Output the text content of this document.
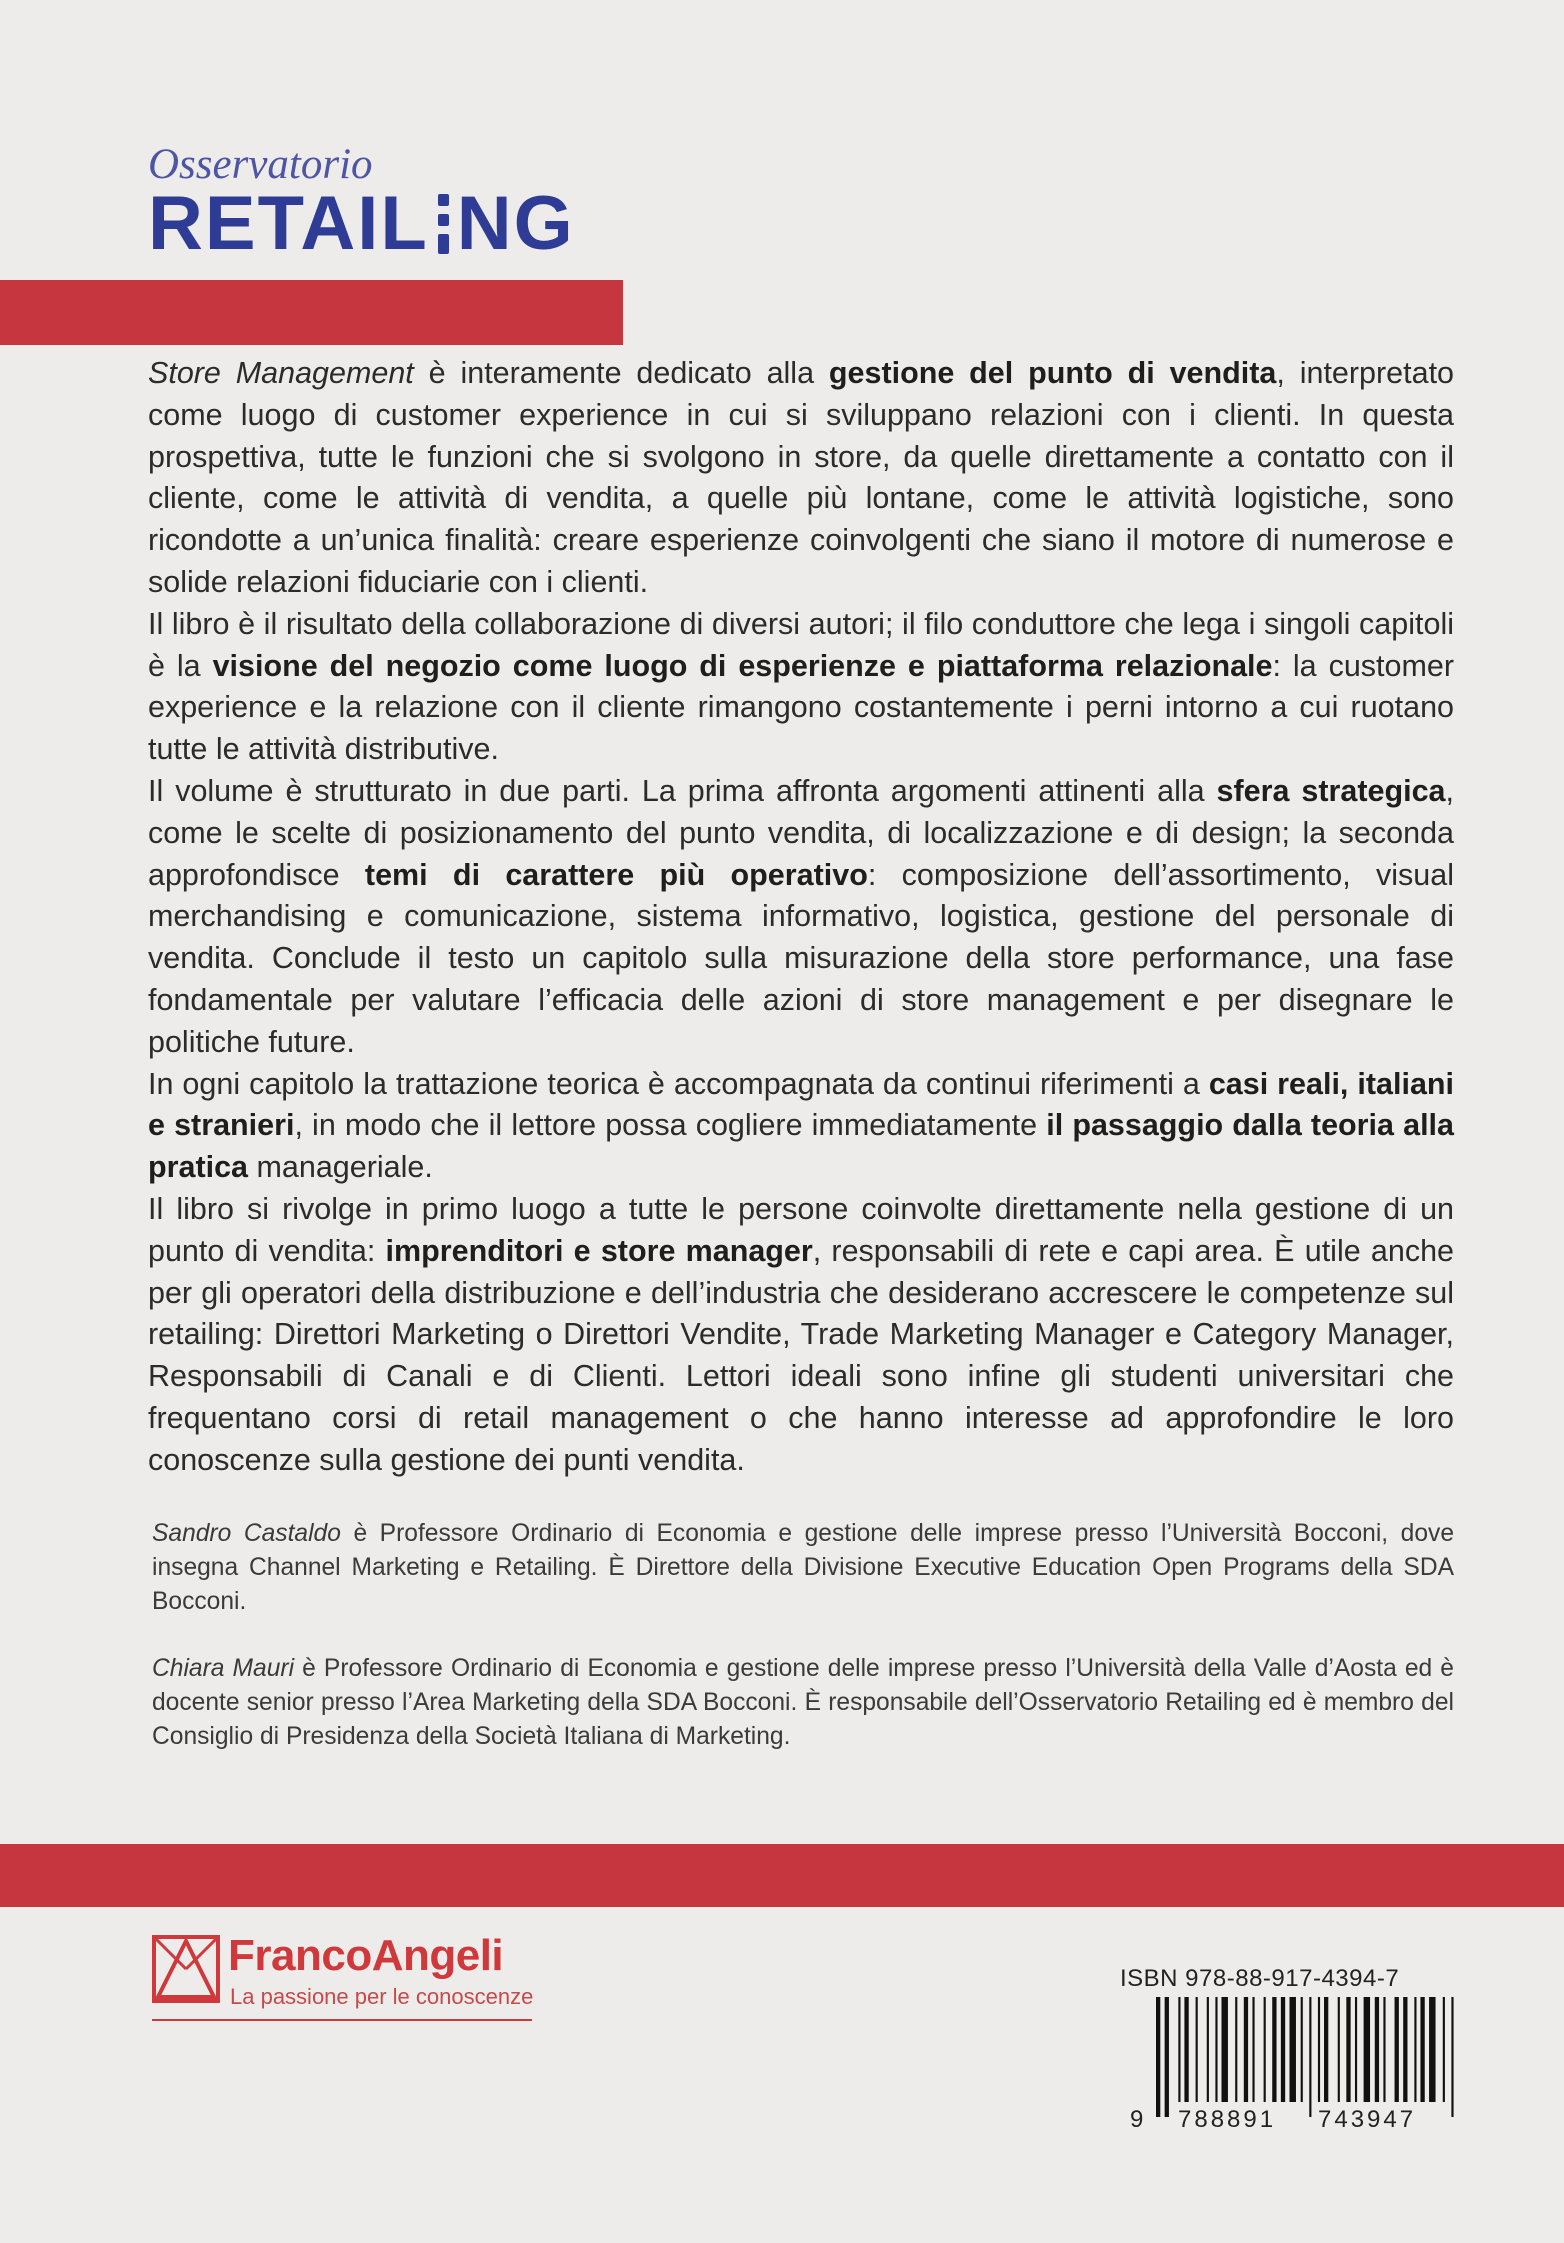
Osservatorio
RETAIL NG

Store Management è interamente dedicato alla gestione del punto di vendita, interpretato come luogo di customer experience in cui si sviluppano relazioni con i clienti. In questa prospettiva, tutte le funzioni che si svolgono in store, da quelle direttamente a contatto con il cliente, come le attività di vendita, a quelle più lontane, come le attività logistiche, sono ricondotte a un’unica finalità: creare esperienze coinvolgenti che siano il motore di numerose e solide relazioni fiduciarie con i clienti.

Il libro è il risultato della collaborazione di diversi autori; il filo conduttore che lega i singoli capitoli è la visione del negozio come luogo di esperienze e piattaforma relazionale: la customer experience e la relazione con il cliente rimangono costantemente i perni intorno a cui ruotano tutte le attività distributive.

Il volume è strutturato in due parti. La prima affronta argomenti attinenti alla sfera strategica, come le scelte di posizionamento del punto vendita, di localizzazione e di design; la seconda approfondisce temi di carattere più operativo: composizione dell’assortimento, visual merchandising e comunicazione, sistema informativo, logistica, gestione del personale di vendita. Conclude il testo un capitolo sulla misurazione della store performance, una fase fondamentale per valutare l’efficacia delle azioni di store management e per disegnare le politiche future.

In ogni capitolo la trattazione teorica è accompagnata da continui riferimenti a casi reali, italiani e stranieri, in modo che il lettore possa cogliere immediatamente il passaggio dalla teoria alla pratica manageriale.

Il libro si rivolge in primo luogo a tutte le persone coinvolte direttamente nella gestione di un punto di vendita: imprenditori e store manager, responsabili di rete e capi area. È utile anche per gli operatori della distribuzione e dell’industria che desiderano accrescere le competenze sul retailing: Direttori Marketing o Direttori Vendite, Trade Marketing Manager e Category Manager, Responsabili di Canali e di Clienti. Lettori ideali sono infine gli studenti universitari che frequentano corsi di retail management o che hanno interesse ad approfondire le loro conoscenze sulla gestione dei punti vendita.

Sandro Castaldo è Professore Ordinario di Economia e gestione delle imprese presso l’Università Bocconi, dove insegna Channel Marketing e Retailing. È Direttore della Divisione Executive Education Open Programs della SDA Bocconi.

Chiara Mauri è Professore Ordinario di Economia e gestione delle imprese presso l’Università della Valle d’Aosta ed è docente senior presso l’Area Marketing della SDA Bocconi. È responsabile dell’Osservatorio Retailing ed è membro del Consiglio di Presidenza della Società Italiana di Marketing.

FrancoAngeli
La passione per le conoscenze
ISBN 978-88-917-4394-7
9 788891 743947
